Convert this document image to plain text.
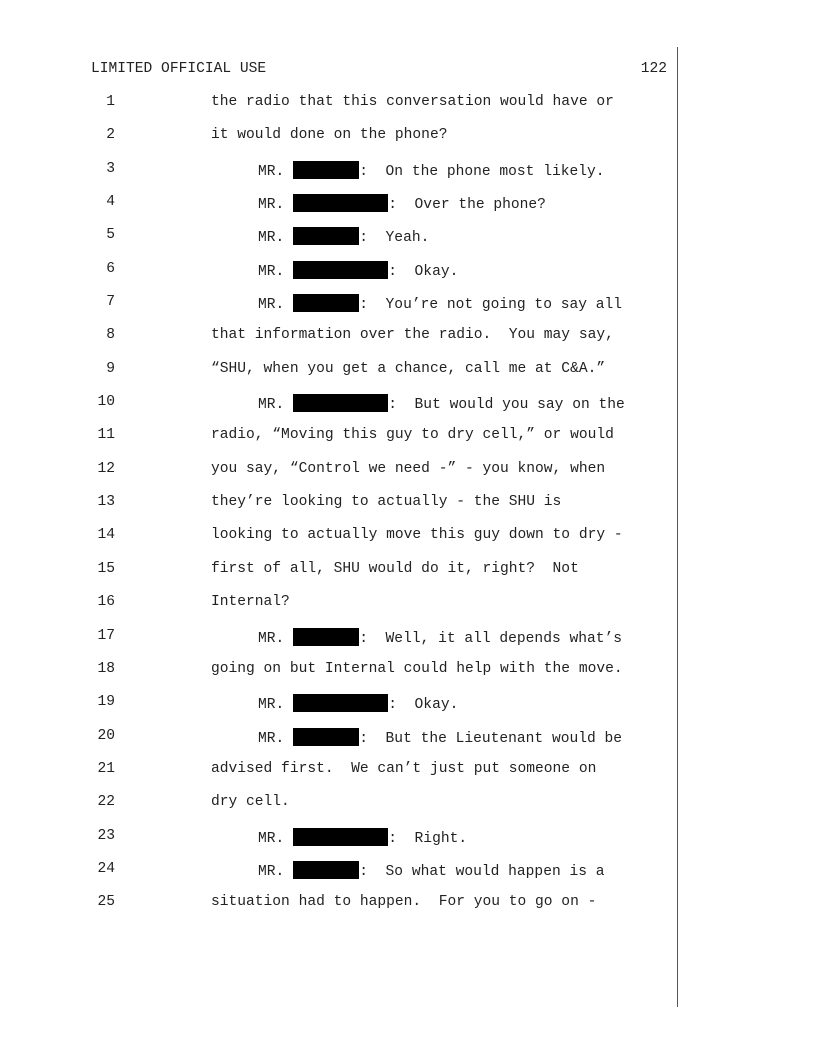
LIMITED OFFICIAL USE	122

1

	the radio that this conversation would have or

2

	it would done on the phone?

3

	MR.	:  On the phone most likely.

4

	MR.	:  Over the phone?

5

	MR.	:  Yeah.

6

	MR.	:  Okay.

7

	MR.	:  You’re not going to say all

8

	that information over the radio.  You may say,

9

	“SHU, when you get a chance, call me at C&A.”

10

	MR.	:  But would you say on the

11

	radio, “Moving this guy to dry cell,” or would

12

	you say, “Control we need -” - you know, when

13

	they’re looking to actually - the SHU is

14

	looking to actually move this guy down to dry -

15

	first of all, SHU would do it, right?  Not

16

	Internal?

17

	MR.	:  Well, it all depends what’s

18

	going on but Internal could help with the move.

19

	MR.	:  Okay.

20

	MR.	:  But the Lieutenant would be

21

	advised first.  We can’t just put someone on

22

	dry cell.

23

	MR.	:  Right.

24

	MR.	:  So what would happen is a

25

	situation had to happen.  For you to go on -
